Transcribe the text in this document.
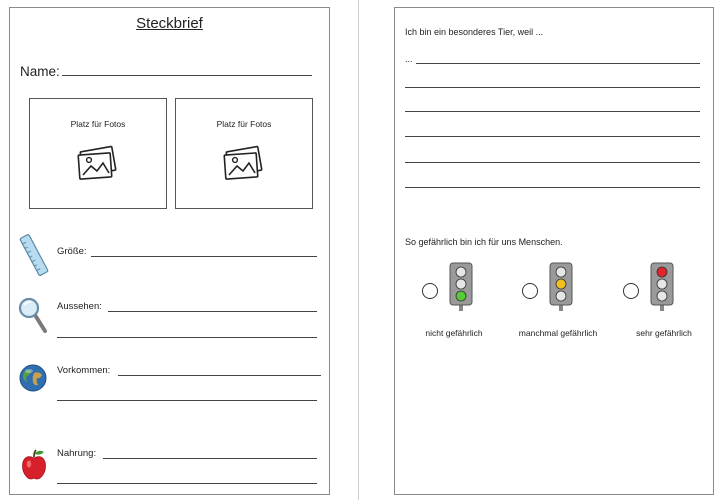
Steckbrief
Name:
Platz für Fotos	Platz für Fotos
Größe:
Aussehen:
Vorkommen:
Nahrung:
Ich bin ein besonderes Tier, weil ...
...
So gefährlich bin ich für uns Menschen.
nicht gefährlich	manchmal gefährlich	sehr gefährlich
